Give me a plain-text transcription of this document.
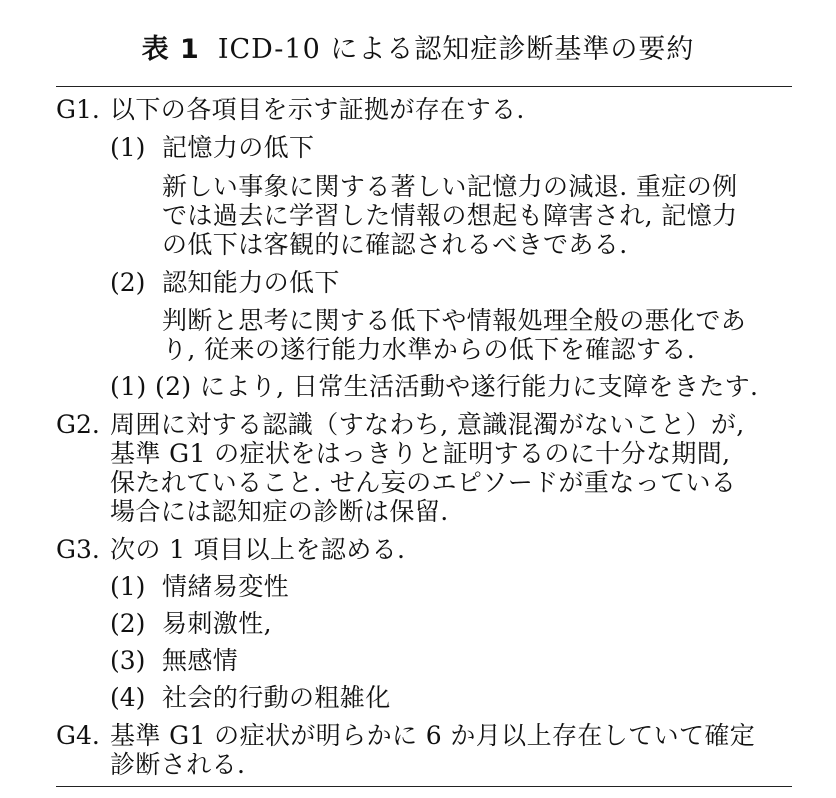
表 1 ICD-10 による認知症診断基準の要約
G1. 以下の各項目を示す証拠が存在する.
(1) 記憶力の低下
新しい事象に関する著しい記憶力の減退. 重症の例
では過去に学習した情報の想起も障害され, 記憶力
の低下は客観的に確認されるべきである.
(2) 認知能力の低下
判断と思考に関する低下や情報処理全般の悪化であ
り, 従来の遂行能力水準からの低下を確認する.
(1) (2) により, 日常生活活動や遂行能力に支障をきたす.
G2. 周囲に対する認識（すなわち, 意識混濁がないこと）が,
基準 G1 の症状をはっきりと証明するのに十分な期間,
保たれていること. せん妄のエピソードが重なっている
場合には認知症の診断は保留.
G3. 次の 1 項目以上を認める.
(1) 情緒易変性
(2) 易刺激性,
(3) 無感情
(4) 社会的行動の粗雑化
G4. 基準 G1 の症状が明らかに 6 か月以上存在していて確定
診断される.
